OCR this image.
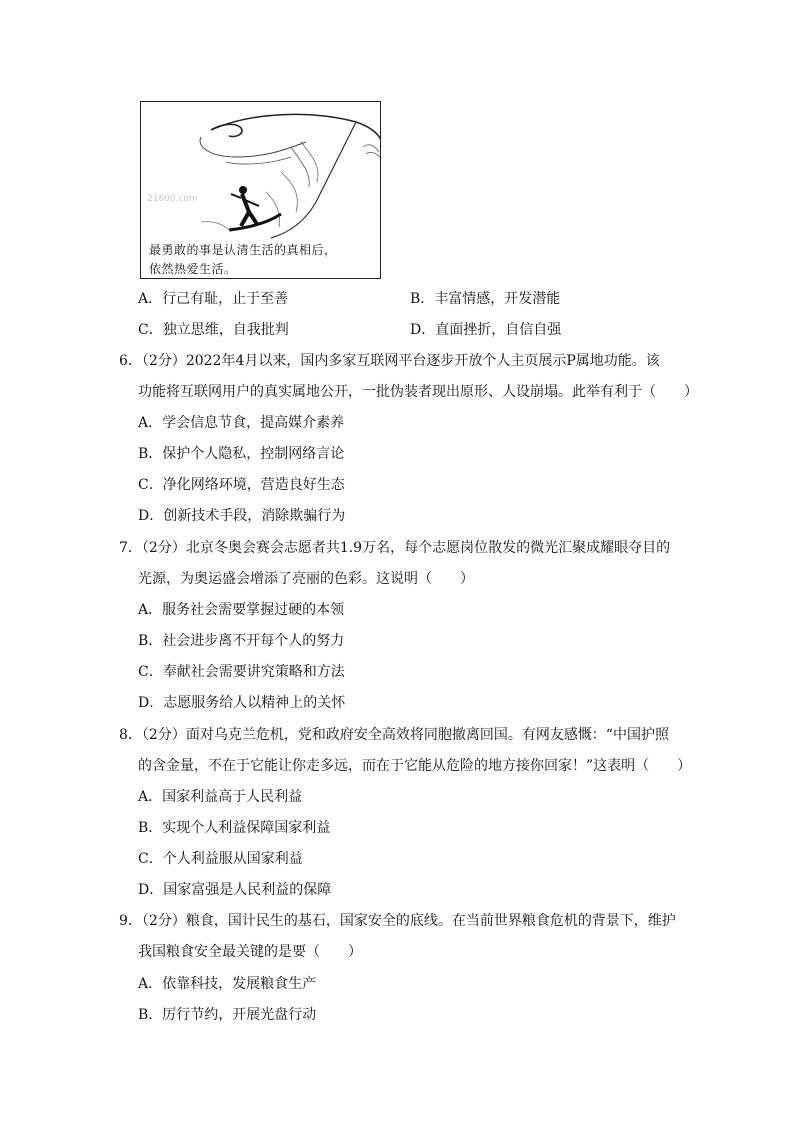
21600.com
最勇敢的事是认清生活的真相后，
依然热爱生活。
A．行己有耻，止于至善	B．丰富情感，开发潜能
C．独立思维，自我批判	D．直面挫折，自信自强
6．（2分）2022年4月以来，国内多家互联网平台逐步开放个人主页展示P属地功能。该
功能将互联网用户的真实属地公开，一批伪装者现出原形、人设崩塌。此举有利于（　　）
A．学会信息节食，提高媒介素养
B．保护个人隐私，控制网络言论
C．净化网络环境，营造良好生态
D．创新技术手段，消除欺骗行为
7．（2分）北京冬奥会赛会志愿者共1.9万名，每个志愿岗位散发的微光汇聚成耀眼夺目的
光源，为奥运盛会增添了亮丽的色彩。这说明（　　）
A．服务社会需要掌握过硬的本领
B．社会进步离不开每个人的努力
C．奉献社会需要讲究策略和方法
D．志愿服务给人以精神上的关怀
8．（2分）面对乌克兰危机，党和政府安全高效将同胞撤离回国。有网友感慨：“中国护照
的含金量，不在于它能让你走多远，而在于它能从危险的地方接你回家！”这表明（　　）
A．国家利益高于人民利益
B．实现个人利益保障国家利益
C．个人利益服从国家利益
D．国家富强是人民利益的保障
9．（2分）粮食，国计民生的基石，国家安全的底线。在当前世界粮食危机的背景下，维护
我国粮食安全最关键的是要（　　）
A．依靠科技，发展粮食生产
B．厉行节约，开展光盘行动
